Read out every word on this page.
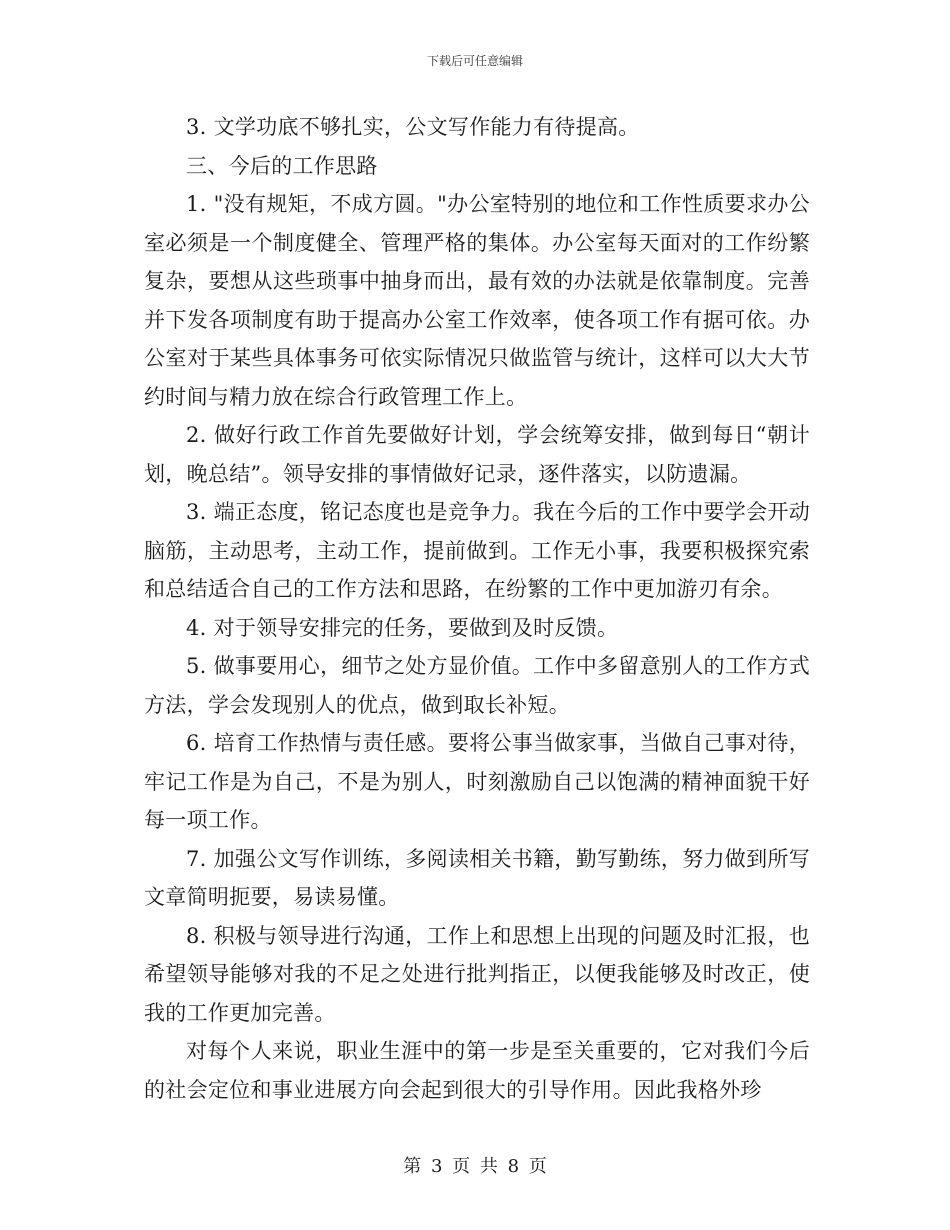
下载后可任意编辑

3. 文学功底不够扎实，公文写作能力有待提高。

三、今后的工作思路

1. "没有规矩，不成方圆。"办公室特别的地位和工作性质要求办公室必须是一个制度健全、管理严格的集体。办公室每天面对的工作纷繁复杂，要想从这些琐事中抽身而出，最有效的办法就是依靠制度。完善并下发各项制度有助于提高办公室工作效率，使各项工作有据可依。办公室对于某些具体事务可依实际情况只做监管与统计，这样可以大大节约时间与精力放在综合行政管理工作上。

2. 做好行政工作首先要做好计划，学会统筹安排，做到每日“朝计划，晚总结”。领导安排的事情做好记录，逐件落实，以防遗漏。

3. 端正态度，铭记态度也是竞争力。我在今后的工作中要学会开动脑筋，主动思考，主动工作，提前做到。工作无小事，我要积极探究索和总结适合自己的工作方法和思路，在纷繁的工作中更加游刃有余。

4. 对于领导安排完的任务，要做到及时反馈。

5. 做事要用心，细节之处方显价值。工作中多留意别人的工作方式方法，学会发现别人的优点，做到取长补短。

6. 培育工作热情与责任感。要将公事当做家事，当做自己事对待，牢记工作是为自己，不是为别人，时刻激励自己以饱满的精神面貌干好每一项工作。

7. 加强公文写作训练，多阅读相关书籍，勤写勤练，努力做到所写文章简明扼要，易读易懂。

8. 积极与领导进行沟通，工作上和思想上出现的问题及时汇报，也希望领导能够对我的不足之处进行批判指正，以便我能够及时改正，使我的工作更加完善。

对每个人来说，职业生涯中的第一步是至关重要的，它对我们今后的社会定位和事业进展方向会起到很大的引导作用。因此我格外珍

第 3 页 共 8 页
